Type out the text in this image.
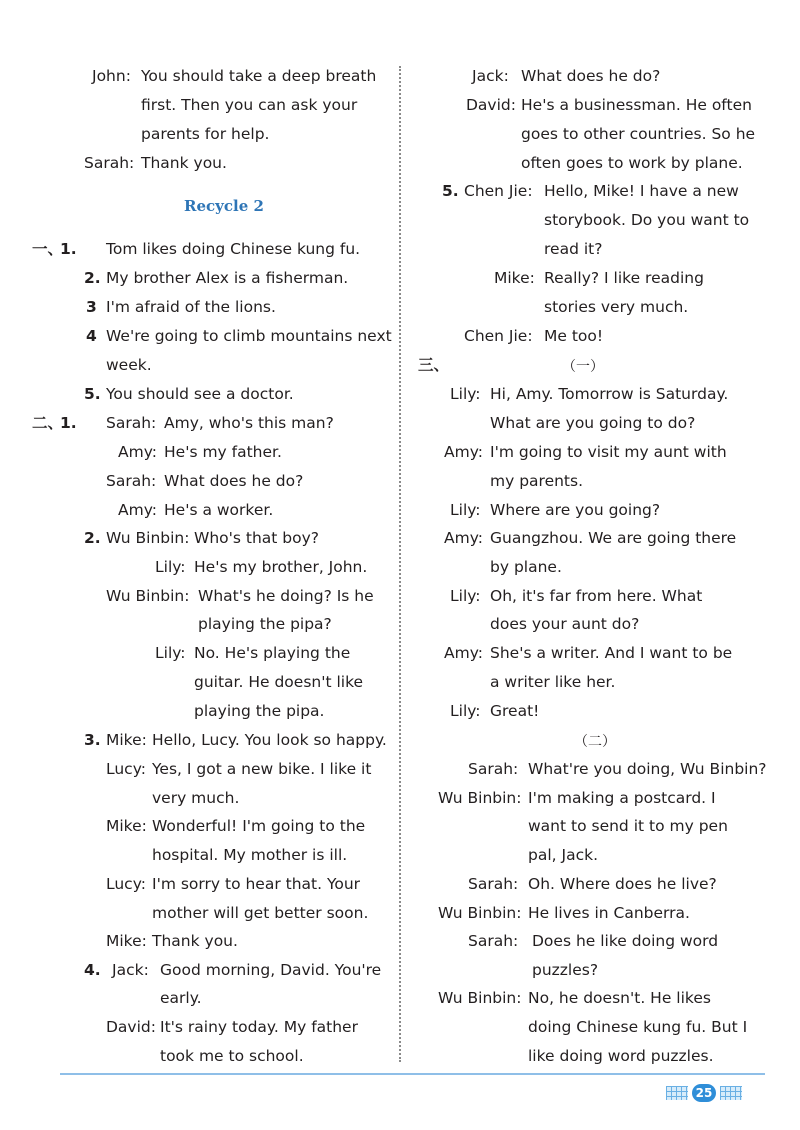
John: You should take a deep breath
first. Then you can ask your
parents for help.
Sarah: Thank you.
Recycle 2
一、
1. Tom likes doing Chinese kung fu.
2. My brother Alex is a fisherman.
3 I'm afraid of the lions.
4 We're going to climb mountains next
week.
5. You should see a doctor.
二、
1. Sarah: Amy, who's this man?
Amy: He's my father.
Sarah: What does he do?
Amy: He's a worker.
2. Wu Binbin: Who's that boy?
Lily: He's my brother, John.
Wu Binbin: What's he doing? Is he
playing the pipa?
Lily: No. He's playing the
guitar. He doesn't like
playing the pipa.
3. Mike: Hello, Lucy. You look so happy.
Lucy: Yes, I got a new bike. I like it
very much.
Mike: Wonderful! I'm going to the
hospital. My mother is ill.
Lucy: I'm sorry to hear that. Your
mother will get better soon.
Mike: Thank you.
4. Jack: Good morning, David. You're
early.
David: It's rainy today. My father
took me to school.
Jack: What does he do?
David: He's a businessman. He often
goes to other countries. So he
often goes to work by plane.
5. Chen Jie: Hello, Mike! I have a new
storybook. Do you want to
read it?
Mike: Really? I like reading
stories very much.
Chen Jie: Me too!
三、	（一）
Lily: Hi, Amy. Tomorrow is Saturday.
What are you going to do?
Amy: I'm going to visit my aunt with
my parents.
Lily: Where are you going?
Amy: Guangzhou. We are going there
by plane.
Lily: Oh, it's far from here. What
does your aunt do?
Amy: She's a writer. And I want to be
a writer like her.
Lily: Great!
（二）
Sarah: What're you doing, Wu Binbin?
Wu Binbin: I'm making a postcard. I
want to send it to my pen
pal, Jack.
Sarah: Oh. Where does he live?
Wu Binbin: He lives in Canberra.
Sarah: Does he like doing word
puzzles?
Wu Binbin: No, he doesn't. He likes
doing Chinese kung fu. But I
like doing word puzzles.
25
